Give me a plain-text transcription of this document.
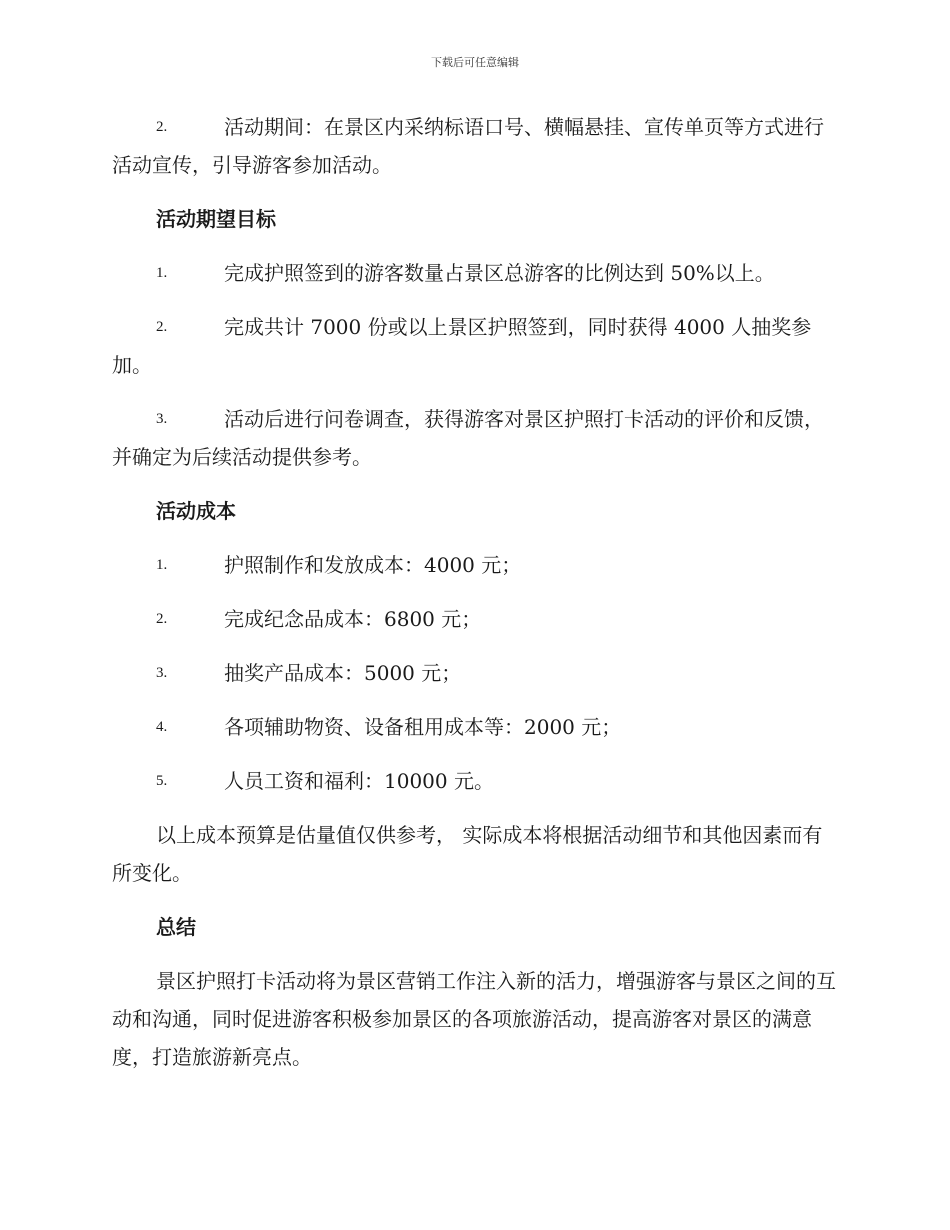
下载后可任意编辑
2.	活动期间：在景区内采纳标语口号、横幅悬挂、宣传单页等方式进行活动宣传，引导游客参加活动。
活动期望目标
1.	完成护照签到的游客数量占景区总游客的比例达到 50%以上。
2.	完成共计 7000 份或以上景区护照签到，同时获得 4000 人抽奖参加。
3.	活动后进行问卷调查，获得游客对景区护照打卡活动的评价和反馈，并确定为后续活动提供参考。
活动成本
1.	护照制作和发放成本：4000 元；
2.	完成纪念品成本：6800 元；
3.	抽奖产品成本：5000 元；
4.	各项辅助物资、设备租用成本等：2000 元；
5.	人员工资和福利：10000 元。
以上成本预算是估量值仅供参考， 实际成本将根据活动细节和其他因素而有所变化。
总结
景区护照打卡活动将为景区营销工作注入新的活力，增强游客与景区之间的互动和沟通，同时促进游客积极参加景区的各项旅游活动，提高游客对景区的满意度，打造旅游新亮点。
